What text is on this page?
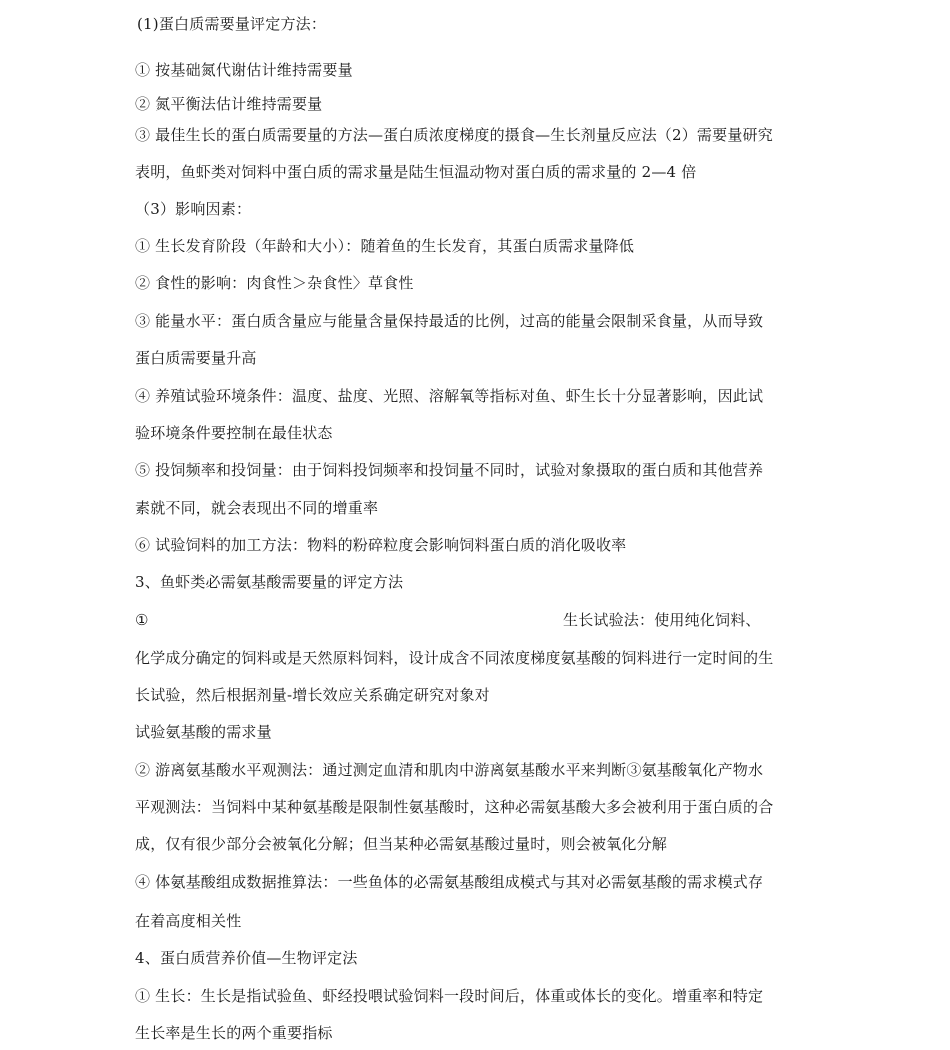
(1)蛋白质需要量评定方法：
① 按基础氮代谢估计维持需要量
② 氮平衡法估计维持需要量
③ 最佳生长的蛋白质需要量的方法—蛋白质浓度梯度的摄食—生长剂量反应法（2）需要量研究
表明，鱼虾类对饲料中蛋白质的需求量是陆生恒温动物对蛋白质的需求量的 2—4 倍
（3）影响因素：
① 生长发育阶段（年龄和大小）：随着鱼的生长发育，其蛋白质需求量降低
② 食性的影响：肉食性＞杂食性〉草食性
③ 能量水平：蛋白质含量应与能量含量保持最适的比例，过高的能量会限制采食量，从而导致
蛋白质需要量升高
④ 养殖试验环境条件：温度、盐度、光照、溶解氧等指标对鱼、虾生长十分显著影响，因此试
验环境条件要控制在最佳状态
⑤ 投饲频率和投饲量：由于饲料投饲频率和投饲量不同时，试验对象摄取的蛋白质和其他营养
素就不同，就会表现出不同的增重率
⑥ 试验饲料的加工方法：物料的粉碎粒度会影响饲料蛋白质的消化吸收率
3、鱼虾类必需氨基酸需要量的评定方法
①	生长试验法：使用纯化饲料、
化学成分确定的饲料或是天然原料饲料，设计成含不同浓度梯度氨基酸的饲料进行一定时间的生
长试验，然后根据剂量-增长效应关系确定研究对象对
试验氨基酸的需求量
② 游离氨基酸水平观测法：通过测定血清和肌肉中游离氨基酸水平来判断③氨基酸氧化产物水
平观测法：当饲料中某种氨基酸是限制性氨基酸时，这种必需氨基酸大多会被利用于蛋白质的合
成，仅有很少部分会被氧化分解；但当某种必需氨基酸过量时，则会被氧化分解
④ 体氨基酸组成数据推算法：一些鱼体的必需氨基酸组成模式与其对必需氨基酸的需求模式存
在着高度相关性
4、蛋白质营养价值—生物评定法
① 生长：生长是指试验鱼、虾经投喂试验饲料一段时间后，体重或体长的变化。增重率和特定
生长率是生长的两个重要指标
